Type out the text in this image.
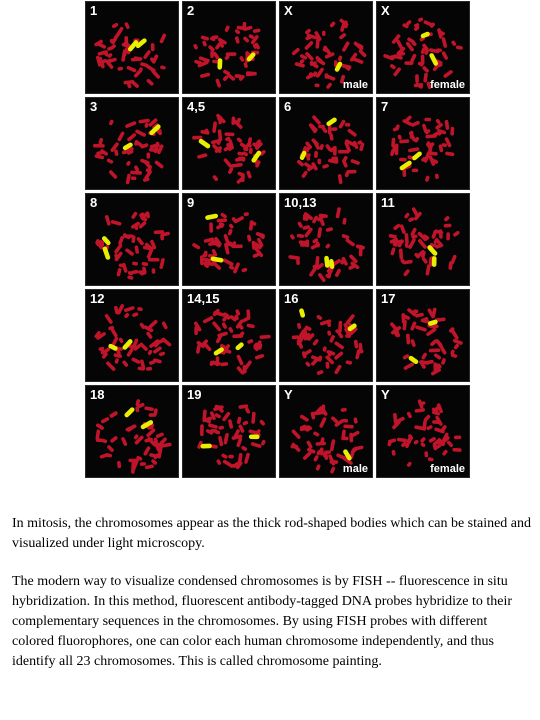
1	2	X
male
X
female
3	4,5	6	7
8	9	10,13	11
12	14,15	16	17
18	19	Y
male
Y
female

In mitosis, the chromosomes appear as the thick rod-shaped bodies which can be stained and visualized under light microscopy.

The modern way to visualize condensed chromosomes is by FISH -- fluorescence in situ hybridization. In this method, fluorescent antibody-tagged DNA probes hybridize to their complementary sequences in the chromosomes. By using FISH probes with different colored fluorophores, one can color each human chromosome independently, and thus identify all 23 chromosomes. This is called chromosome painting.
